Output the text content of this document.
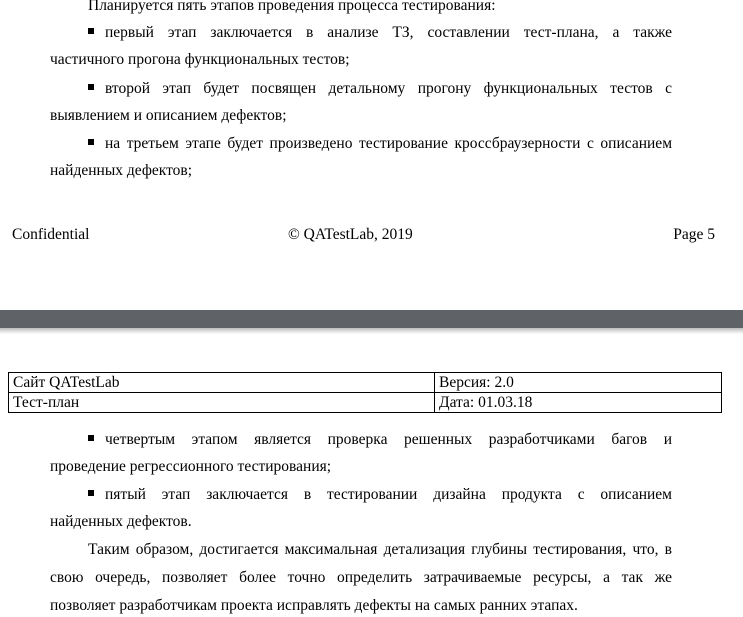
Планируется пять этапов проведения процесса тестирования:
первый этап заключается в анализе ТЗ, составлении тест-плана, а также
частичного прогона функциональных тестов;
второй этап будет посвящен детальному прогону функциональных тестов с
выявлением и описанием дефектов;
на третьем этапе будет произведено тестирование кроссбраузерности с описанием
найденных дефектов;
Confidential	© QATestLab, 2019	Page 5
Сайт QATestLab	Версия: 2.0
Тест-план	Дата: 01.03.18
четвертым этапом является проверка решенных разработчиками багов и
проведение регрессионного тестирования;
пятый этап заключается в тестировании дизайна продукта с описанием
найденных дефектов.
Таким образом, достигается максимальная детализация глубины тестирования, что, в
свою очередь, позволяет более точно определить затрачиваемые ресурсы, а так же
позволяет разработчикам проекта исправлять дефекты на самых ранних этапах.
